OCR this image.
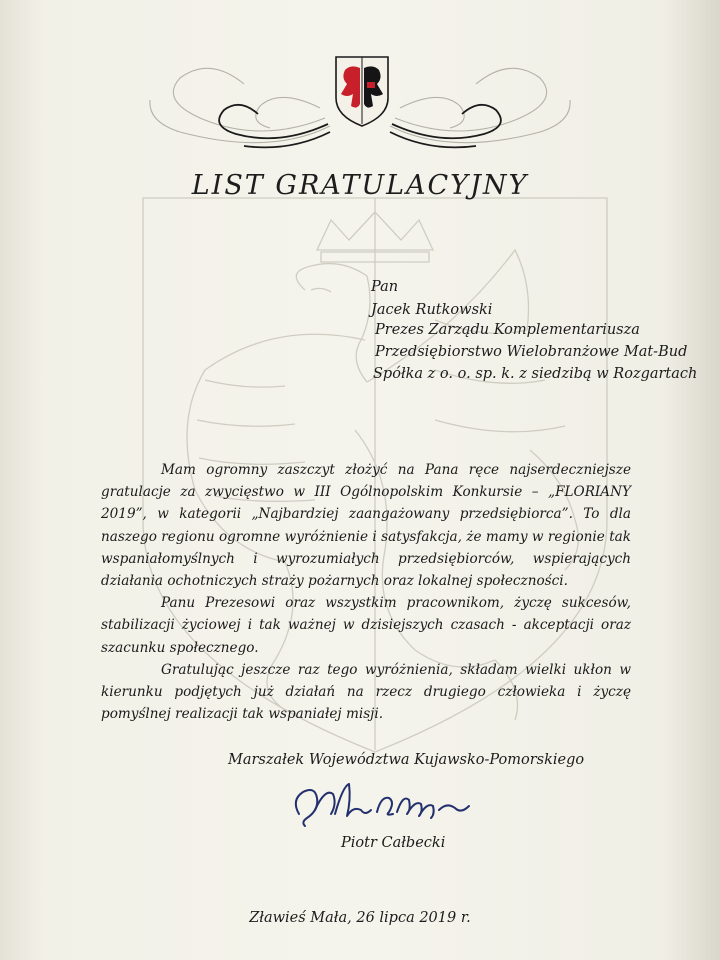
LIST GRATULACYJNY
Pan
Jacek Rutkowski
Prezes Zarządu Komplementariusza
Przedsiębiorstwo Wielobranżowe Mat-Bud
Spółka z o. o. sp. k. z siedzibą w Rozgartach

Mam ogromny zaszczyt złożyć na Pana ręce najserdeczniejsze gratulacje za zwycięstwo w III Ogólnopolskim Konkursie – „FLORIANY 2019”, w kategorii „Najbardziej zaangażowany przedsiębiorca”. To dla naszego regionu ogromne wyróżnienie i satysfakcja, że mamy w regionie tak wspaniałomyślnych i wyrozumiałych przedsiębiorców, wspierających działania ochotniczych straży pożarnych oraz lokalnej społeczności.

Panu Prezesowi oraz wszystkim pracownikom, życzę sukcesów, stabilizacji życiowej i tak ważnej w dzisiejszych czasach - akceptacji oraz szacunku społecznego.

Gratulując jeszcze raz tego wyróżnienia, składam wielki ukłon w kierunku podjętych już działań na rzecz drugiego człowieka i życzę pomyślnej realizacji tak wspaniałej misji.

Marszałek Województwa Kujawsko-Pomorskiego
Piotr Całbecki
Zławieś Mała, 26 lipca 2019 r.
